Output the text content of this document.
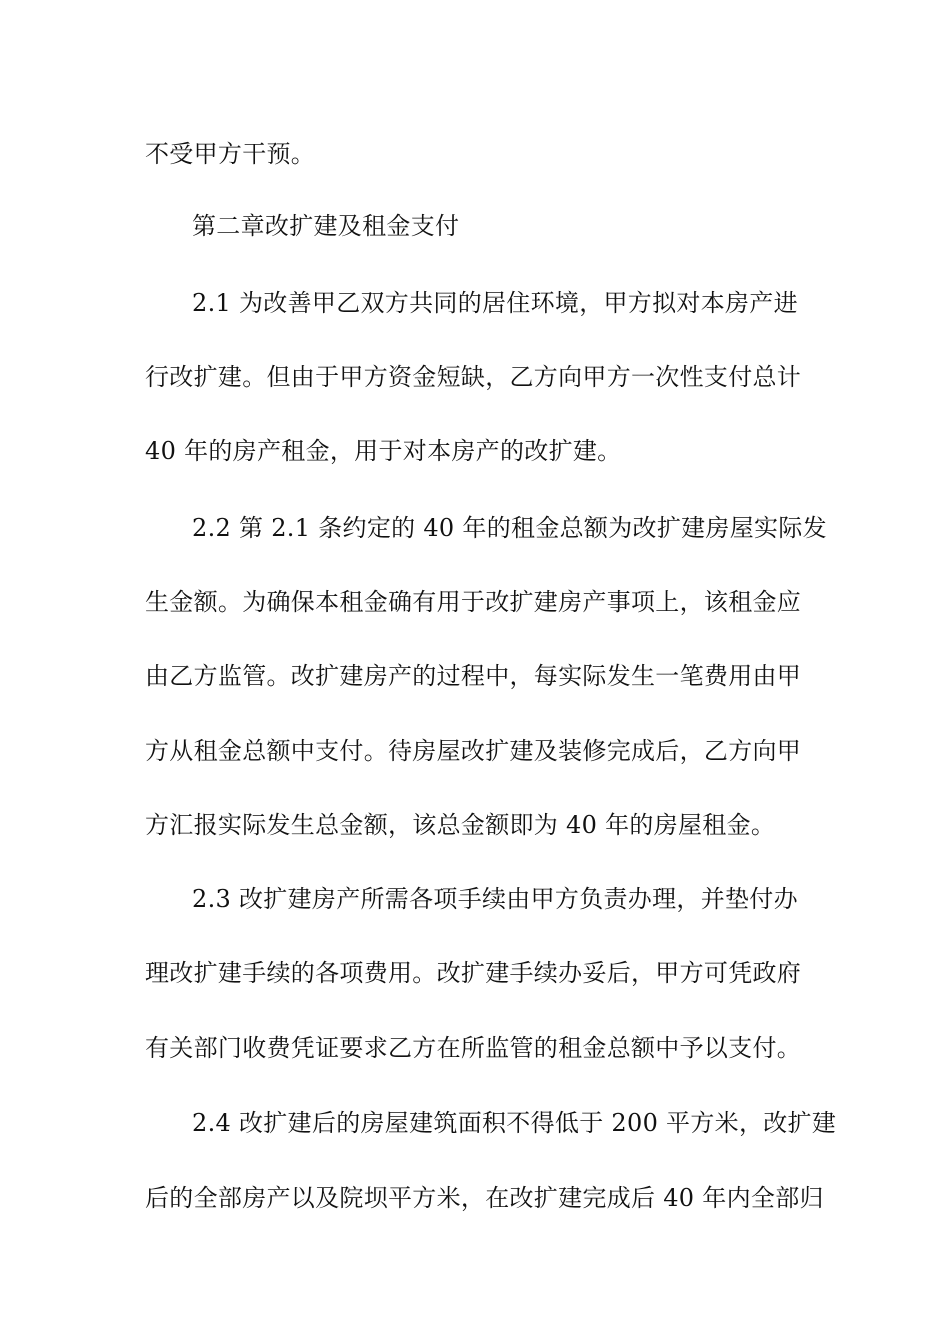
不受甲方干预。
第二章改扩建及租金支付
2.1 为改善甲乙双方共同的居住环境，甲方拟对本房产进
行改扩建。但由于甲方资金短缺，乙方向甲方一次性支付总计
40 年的房产租金，用于对本房产的改扩建。
2.2 第 2.1 条约定的 40 年的租金总额为改扩建房屋实际发
生金额。为确保本租金确有用于改扩建房产事项上，该租金应
由乙方监管。改扩建房产的过程中，每实际发生一笔费用由甲
方从租金总额中支付。待房屋改扩建及装修完成后，乙方向甲
方汇报实际发生总金额，该总金额即为 40 年的房屋租金。
2.3 改扩建房产所需各项手续由甲方负责办理，并垫付办
理改扩建手续的各项费用。改扩建手续办妥后，甲方可凭政府
有关部门收费凭证要求乙方在所监管的租金总额中予以支付。
2.4 改扩建后的房屋建筑面积不得低于 200 平方米，改扩建
后的全部房产以及院坝平方米，在改扩建完成后 40 年内全部归
